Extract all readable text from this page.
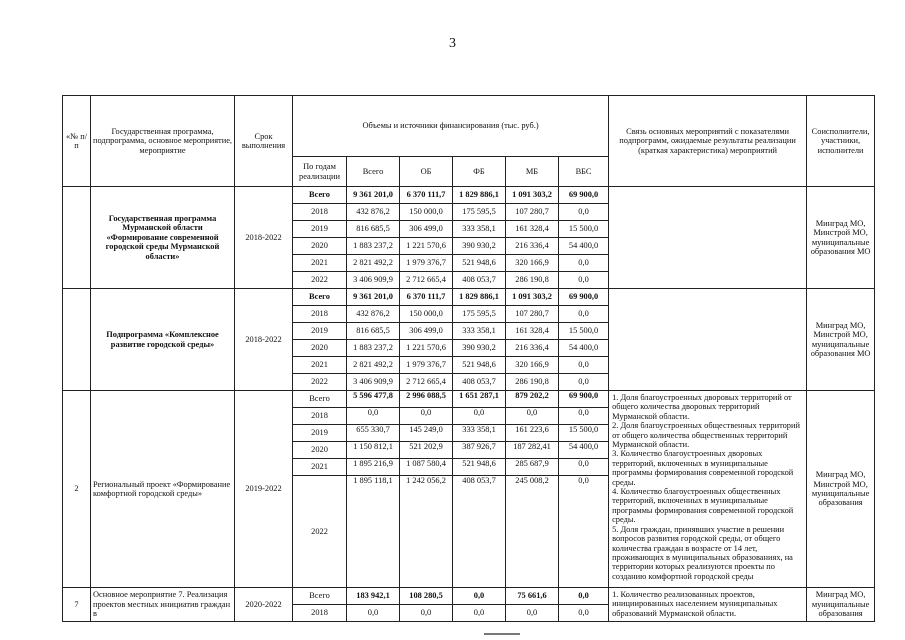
3
«№ п/п	Государственная программа, подпрограмма, основное мероприятие, мероприятие	Срок выполнения	Объемы и источники финансирования (тыс. руб.)						Связь основных мероприятий с показателями подпрограмм, ожидаемые результаты реализации (краткая характеристика) мероприятий	Соисполнители, участники, исполнители
			По годам реализации	Всего	ОБ	ФБ	МБ	ВБС		
	Государственная программа Мурманской области «Формирование современной городской среды Мурманской области»	2018-2022	Всего	9 361 201,0	6 370 111,7	1 829 886,1	1 091 303,2	69 900,0		Минград МО, Минстрой МО, муниципальные образования МО
			2018	432 876,2	150 000,0	175 595,5	107 280,7	0,0		
			2019	816 685,5	306 499,0	333 358,1	161 328,4	15 500,0		
			2020	1 883 237,2	1 221 570,6	390 930,2	216 336,4	54 400,0		
			2021	2 821 492,2	1 979 376,7	521 948,6	320 166,9	0,0		
			2022	3 406 909,9	2 712 665,4	408 053,7	286 190,8	0,0		
	Подпрограмма «Комплексное развитие городской среды»	2018-2022	Всего	9 361 201,0	6 370 111,7	1 829 886,1	1 091 303,2	69 900,0		Минград МО, Минстрой МО, муниципальные образования МО
			2018	432 876,2	150 000,0	175 595,5	107 280,7	0,0		
			2019	816 685,5	306 499,0	333 358,1	161 328,4	15 500,0		
			2020	1 883 237,2	1 221 570,6	390 930,2	216 336,4	54 400,0		
			2021	2 821 492,2	1 979 376,7	521 948,6	320 166,9	0,0		
			2022	3 406 909,9	2 712 665,4	408 053,7	286 190,8	0,0		
2	Региональный проект «Формирование комфортной городской среды»	2019-2022	Всего	5 596 477,8	2 996 088,5	1 651 287,1	879 202,2	69 900,0	1. Доля благоустроенных дворовых территорий от общего количества дворовых территорий Мурманской области.
2. Доля благоустроенных общественных территорий от общего количества общественных территорий Мурманской области.
3. Количество благоустроенных дворовых территорий, включенных в муниципальные программы формирования современной городской среды.
4. Количество благоустроенных общественных территорий, включенных в муниципальные программы формирования современной городской среды.
5. Доля граждан, принявших участие в решении вопросов развития городской среды, от общего количества граждан в возрасте от 14 лет, проживающих в муниципальных образованиях, на территории которых реализуются проекты по созданию комфортной городской среды	Минград МО, Минстрой МО, муниципальные образования
			2018	0,0	0,0	0,0	0,0	0,0		
			2019	655 330,7	145 249,0	333 358,1	161 223,6	15 500,0		
			2020	1 150 812,1	521 202,9	387 926,7	187 282,41	54 400,0		
			2021	1 895 216,9	1 087 580,4	521 948,6	285 687,9	0,0		
			2022	1 895 118,1	1 242 056,2	408 053,7	245 008,2	0,0		
7	Основное мероприятие 7. Реализация проектов местных инициатив граждан в	2020-2022	Всего	183 942,1	108 280,5	0,0	75 661,6	0,0	1. Количество реализованных проектов, инициированных населением муниципальных образований Мурманской области.	Минград МО, муниципальные образования
			2018	0,0	0,0	0,0	0,0	0,0		
